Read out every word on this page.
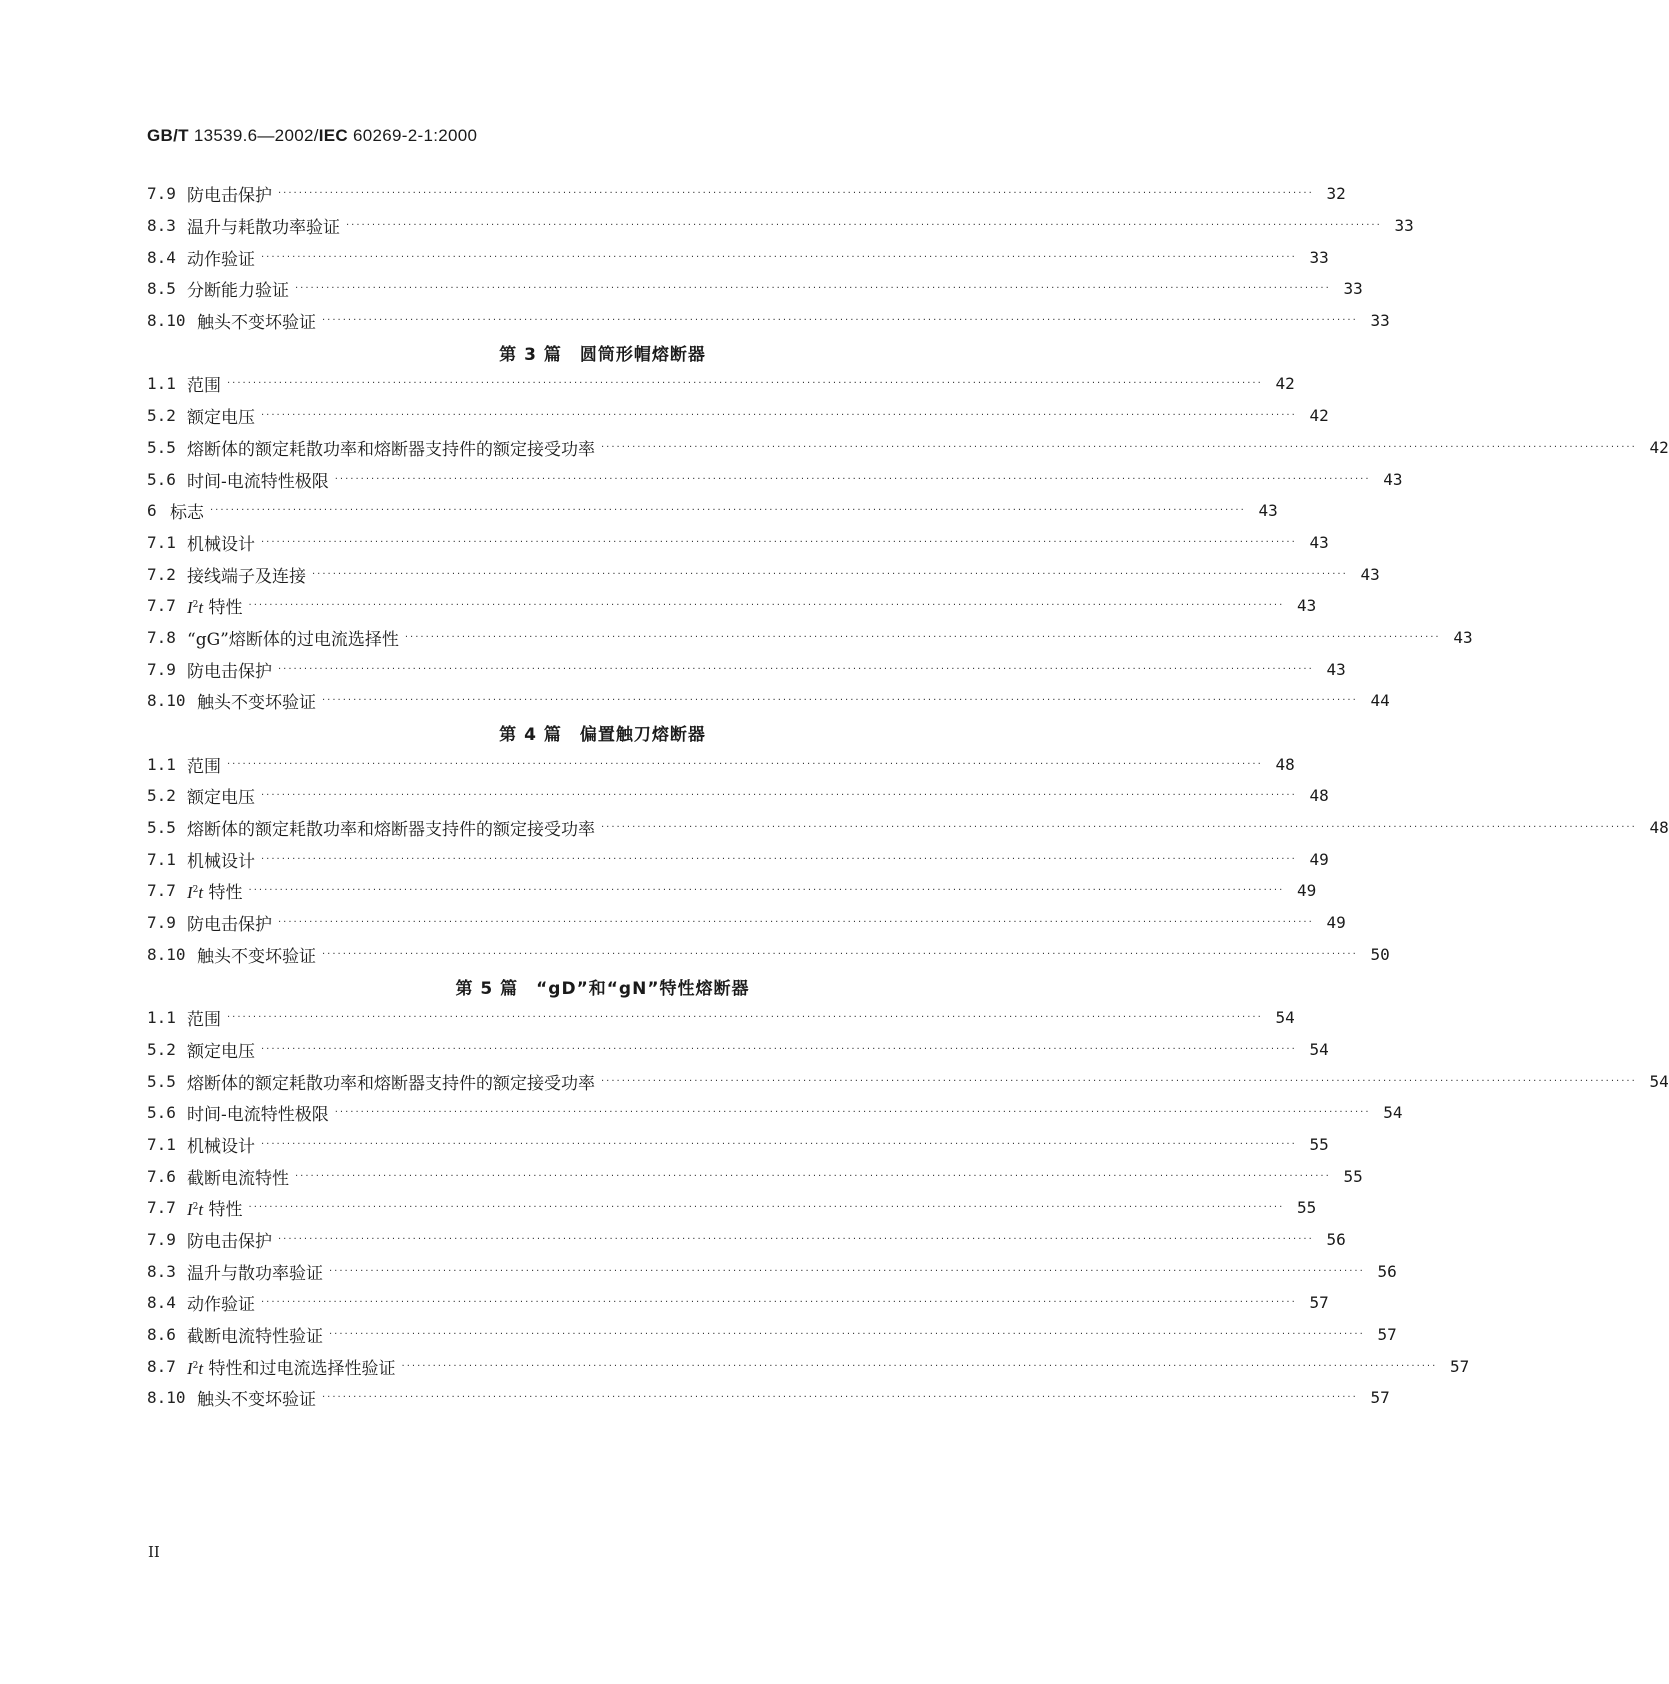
GB/T 13539.6—2002/IEC 60269-2-1:2000
7.9 防电击保护 ········································································································································································································ 32
8.3 温升与耗散功率验证 ········································································································································································································ 33
8.4 动作验证 ········································································································································································································ 33
8.5 分断能力验证 ········································································································································································································ 33
8.10 触头不变坏验证 ········································································································································································································ 33
第 3 篇　圆筒形帽熔断器
1.1 范围 ········································································································································································································ 42
5.2 额定电压 ········································································································································································································ 42
5.5 熔断体的额定耗散功率和熔断器支持件的额定接受功率 ········································································································································································································ 42
5.6 时间-电流特性极限 ········································································································································································································ 43
6 标志 ········································································································································································································ 43
7.1 机械设计 ········································································································································································································ 43
7.2 接线端子及连接 ········································································································································································································ 43
7.7 $I^2t$ 特性 ········································································································································································································ 43
7.8 “gG”熔断体的过电流选择性 ········································································································································································································ 43
7.9 防电击保护 ········································································································································································································ 43
8.10 触头不变坏验证 ········································································································································································································ 44
第 4 篇　偏置触刀熔断器
1.1 范围 ········································································································································································································ 48
5.2 额定电压 ········································································································································································································ 48
5.5 熔断体的额定耗散功率和熔断器支持件的额定接受功率 ········································································································································································································ 48
7.1 机械设计 ········································································································································································································ 49
7.7 $I^2t$ 特性 ········································································································································································································ 49
7.9 防电击保护 ········································································································································································································ 49
8.10 触头不变坏验证 ········································································································································································································ 50
第 5 篇　“gD”和“gN”特性熔断器
1.1 范围 ········································································································································································································ 54
5.2 额定电压 ········································································································································································································ 54
5.5 熔断体的额定耗散功率和熔断器支持件的额定接受功率 ········································································································································································································ 54
5.6 时间-电流特性极限 ········································································································································································································ 54
7.1 机械设计 ········································································································································································································ 55
7.6 截断电流特性 ········································································································································································································ 55
7.7 $I^2t$ 特性 ········································································································································································································ 55
7.9 防电击保护 ········································································································································································································ 56
8.3 温升与散功率验证 ········································································································································································································ 56
8.4 动作验证 ········································································································································································································ 57
8.6 截断电流特性验证 ········································································································································································································ 57
8.7 $I^2t$ 特性和过电流选择性验证 ········································································································································································································ 57
8.10 触头不变坏验证 ········································································································································································································ 57
II
